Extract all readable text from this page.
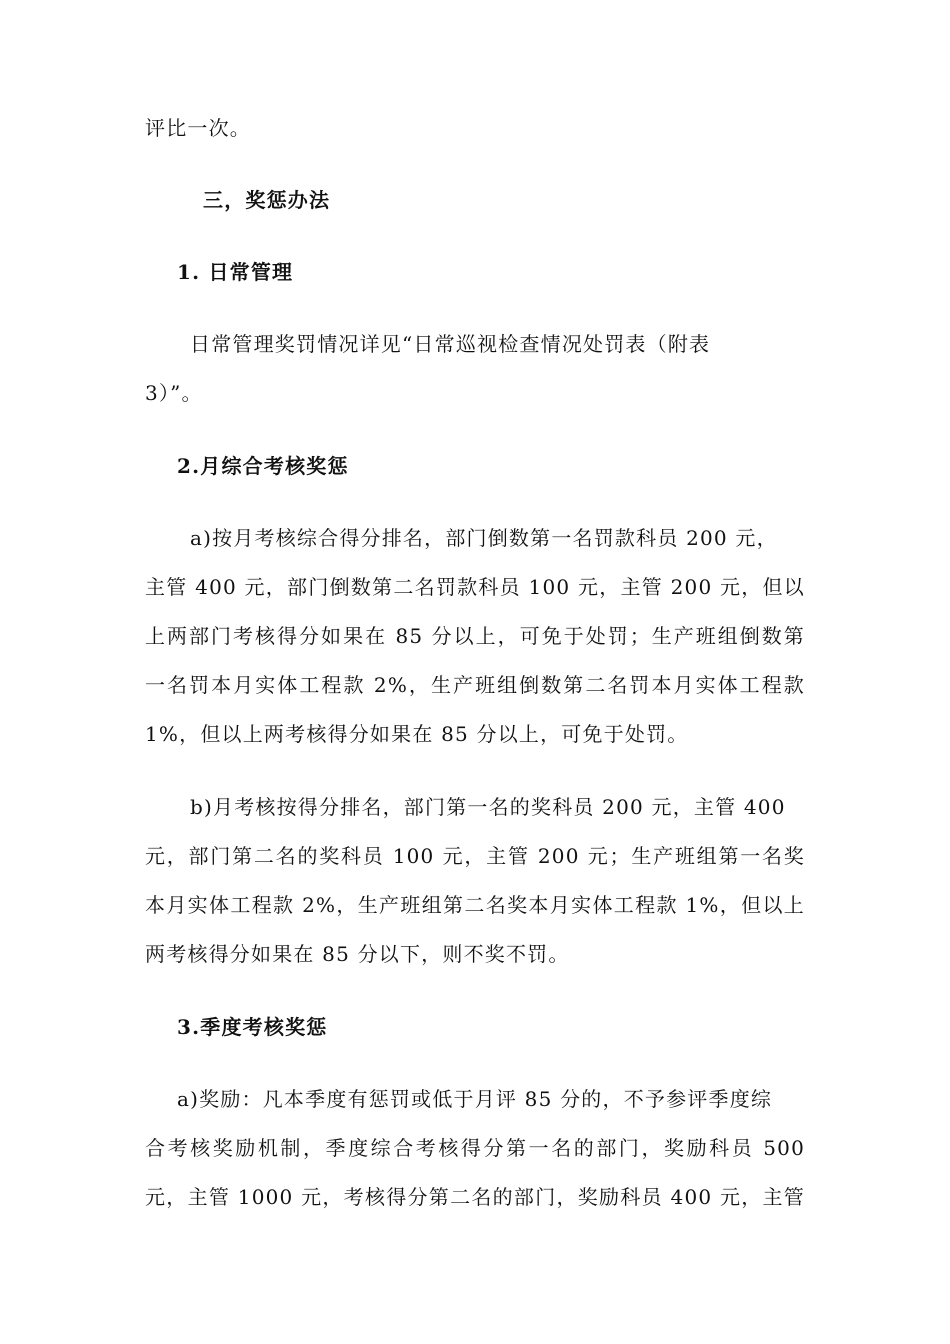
评比一次。
三，奖惩办法
1. 日常管理
日常管理奖罚情况详见“日常巡视检查情况处罚表（附表
3）”。
2.月综合考核奖惩
a)按月考核综合得分排名，部门倒数第一名罚款科员 200 元，
主管 400 元，部门倒数第二名罚款科员 100 元，主管 200 元，但以
上两部门考核得分如果在 85 分以上，可免于处罚；生产班组倒数第
一名罚本月实体工程款 2%，生产班组倒数第二名罚本月实体工程款
1%，但以上两考核得分如果在 85 分以上，可免于处罚。
b)月考核按得分排名，部门第一名的奖科员 200 元，主管 400
元，部门第二名的奖科员 100 元，主管 200 元；生产班组第一名奖
本月实体工程款 2%，生产班组第二名奖本月实体工程款 1%，但以上
两考核得分如果在 85 分以下，则不奖不罚。
3.季度考核奖惩
a)奖励：凡本季度有惩罚或低于月评 85 分的，不予参评季度综
合考核奖励机制，季度综合考核得分第一名的部门，奖励科员 500
元，主管 1000 元，考核得分第二名的部门，奖励科员 400 元，主管
